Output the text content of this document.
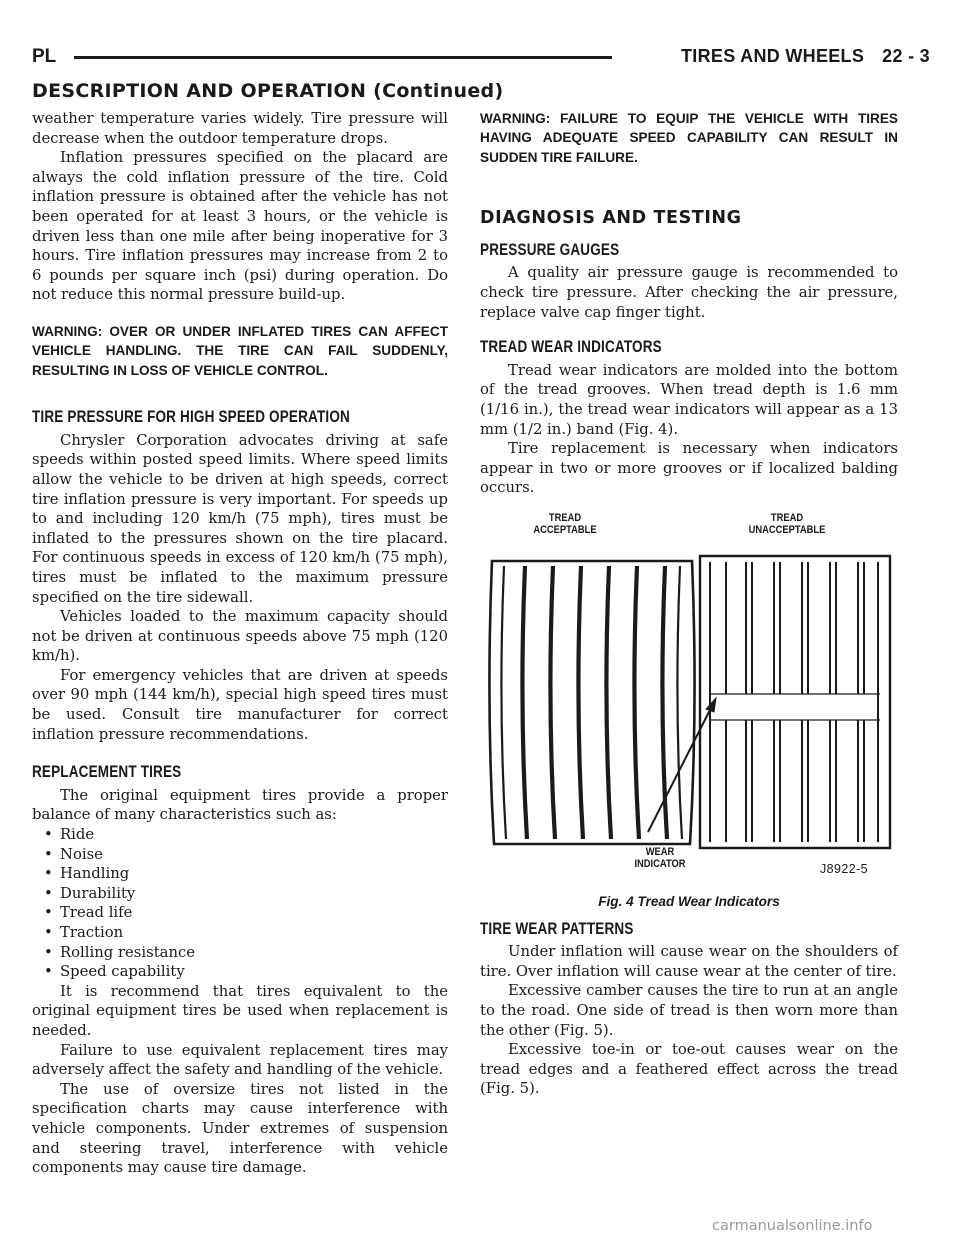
PL	TIRES AND WHEELS 22 - 3
DESCRIPTION AND OPERATION (Continued)

weather temperature varies widely. Tire pressure will decrease when the outdoor temperature drops.

Inflation pressures specified on the placard are always the cold inflation pressure of the tire. Cold inflation pressure is obtained after the vehicle has not been operated for at least 3 hours, or the vehicle is driven less than one mile after being inoperative for 3 hours. Tire inflation pressures may increase from 2 to 6 pounds per square inch (psi) during operation. Do not reduce this normal pressure build-up.

WARNING: OVER OR UNDER INFLATED TIRES CAN AFFECT VEHICLE HANDLING. THE TIRE CAN FAIL SUDDENLY, RESULTING IN LOSS OF VEHICLE CONTROL.

TIRE PRESSURE FOR HIGH SPEED OPERATION

Chrysler Corporation advocates driving at safe speeds within posted speed limits. Where speed limits allow the vehicle to be driven at high speeds, correct tire inflation pressure is very important. For speeds up to and including 120 km/h (75 mph), tires must be inflated to the pressures shown on the tire placard. For continuous speeds in excess of 120 km/h (75 mph), tires must be inflated to the maximum pressure specified on the tire sidewall.

Vehicles loaded to the maximum capacity should not be driven at continuous speeds above 75 mph (120 km/h).

For emergency vehicles that are driven at speeds over 90 mph (144 km/h), special high speed tires must be used. Consult tire manufacturer for correct inflation pressure recommendations.

REPLACEMENT TIRES

The original equipment tires provide a proper balance of many characteristics such as:

• Ride
• Noise
• Handling
• Durability
• Tread life
• Traction
• Rolling resistance
• Speed capability

It is recommend that tires equivalent to the original equipment tires be used when replacement is needed.

Failure to use equivalent replacement tires may adversely affect the safety and handling of the vehicle.

The use of oversize tires not listed in the specification charts may cause interference with vehicle components. Under extremes of suspension and steering travel, interference with vehicle components may cause tire damage.

WARNING: FAILURE TO EQUIP THE VEHICLE WITH TIRES HAVING ADEQUATE SPEED CAPABILITY CAN RESULT IN SUDDEN TIRE FAILURE.

DIAGNOSIS AND TESTING
PRESSURE GAUGES

A quality air pressure gauge is recommended to check tire pressure. After checking the air pressure, replace valve cap finger tight.

TREAD WEAR INDICATORS

Tread wear indicators are molded into the bottom of the tread grooves. When tread depth is 1.6 mm (1/16 in.), the tread wear indicators will appear as a 13 mm (1/2 in.) band (Fig. 4).

Tire replacement is necessary when indicators appear in two or more grooves or if localized balding occurs.

TREAD
ACCEPTABLE
TREAD
UNACCEPTABLE
WEAR
INDICATOR	J8922-5
Fig. 4 Tread Wear Indicators
TIRE WEAR PATTERNS

Under inflation will cause wear on the shoulders of tire. Over inflation will cause wear at the center of tire.

Excessive camber causes the tire to run at an angle to the road. One side of tread is then worn more than the other (Fig. 5).

Excessive toe-in or toe-out causes wear on the tread edges and a feathered effect across the tread (Fig. 5).

carmanualsonline.info
